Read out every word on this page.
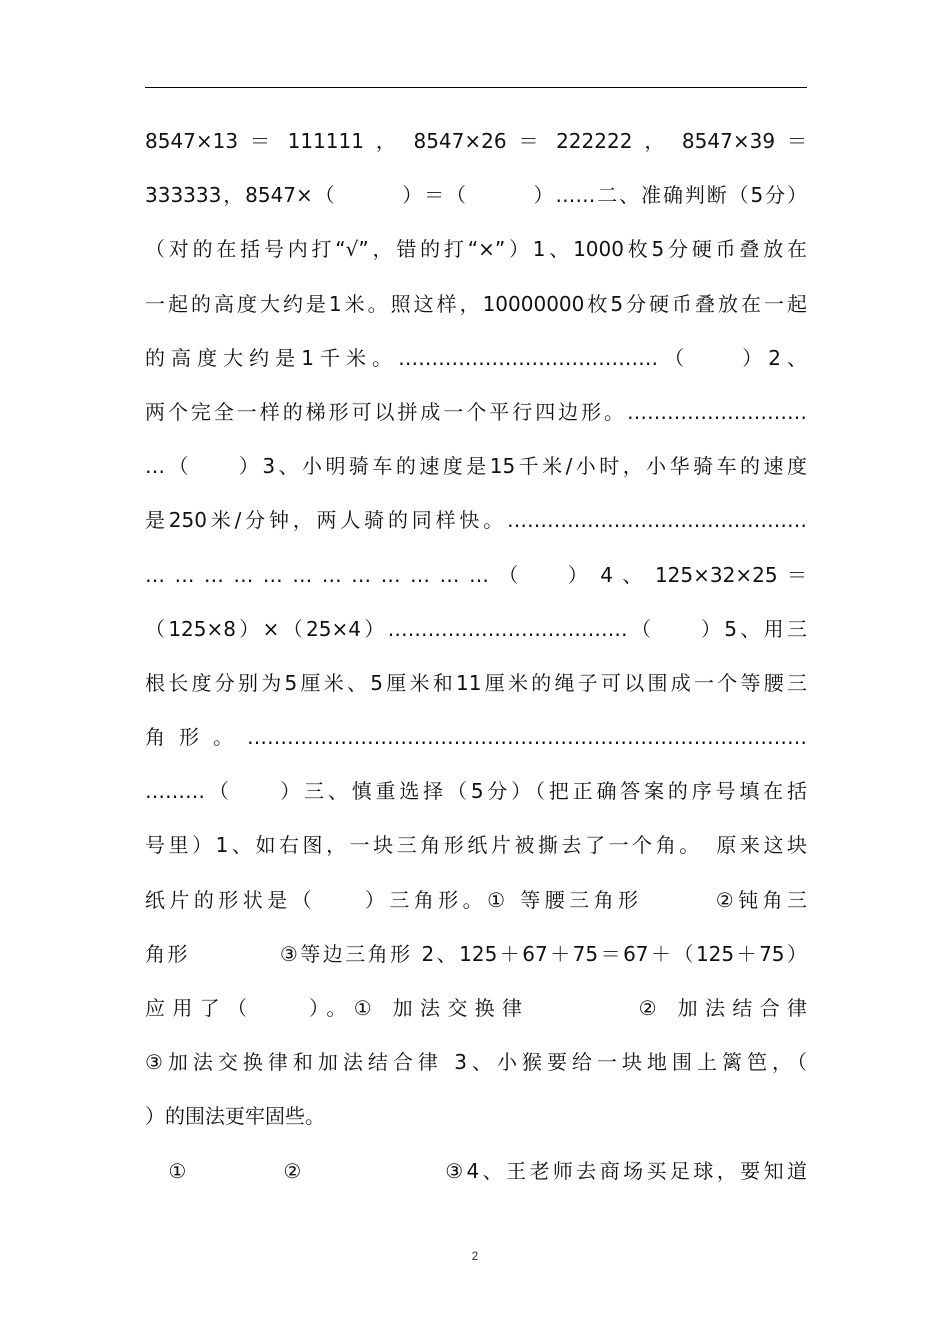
8547×13 ＝ 111111 ， 8547×26 ＝ 222222 ， 8547×39 ＝
333333，8547×（　　　）＝（　　　）……二、准确判断（5分）
（对的在括号内打“√”，错的打“×”）1、1000枚5分硬币叠放在
一起的高度大约是1米。照这样，10000000枚5分硬币叠放在一起
的高度大约是1千米。…………………………………（　　）2、
两个完全一样的梯形可以拼成一个平行四边形。………………………
…（　　）3、小明骑车的速度是15千米/小时，小华骑车的速度
是250米/分钟，两人骑的同样快。………………………………………
… … … … … … … … … … … … （　　） 4 、 125×32×25 ＝
（125×8）×（25×4）………………………………（　　）5、用三
根长度分别为5厘米、5厘米和11厘米的绳子可以围成一个等腰三
角形。…………………………………………………………………………
………（　　）三、慎重选择（5分）（把正确答案的序号填在括
号里）1、如右图，一块三角形纸片被撕去了一个角。　原来这块
纸片的形状是（　　）三角形。① 等腰三角形　　　②钝角三
角形　　　　③等边三角形 2、125＋67＋75＝67＋（125＋75）
应用了（　　）。① 加法交换律　　　　② 加法结合律
③加法交换律和加法结合律 3、小猴要给一块地围上篱笆，（
）的围法更牢固些。
　①　　　　②　　　　　　③4、王老师去商场买足球，要知道
2
